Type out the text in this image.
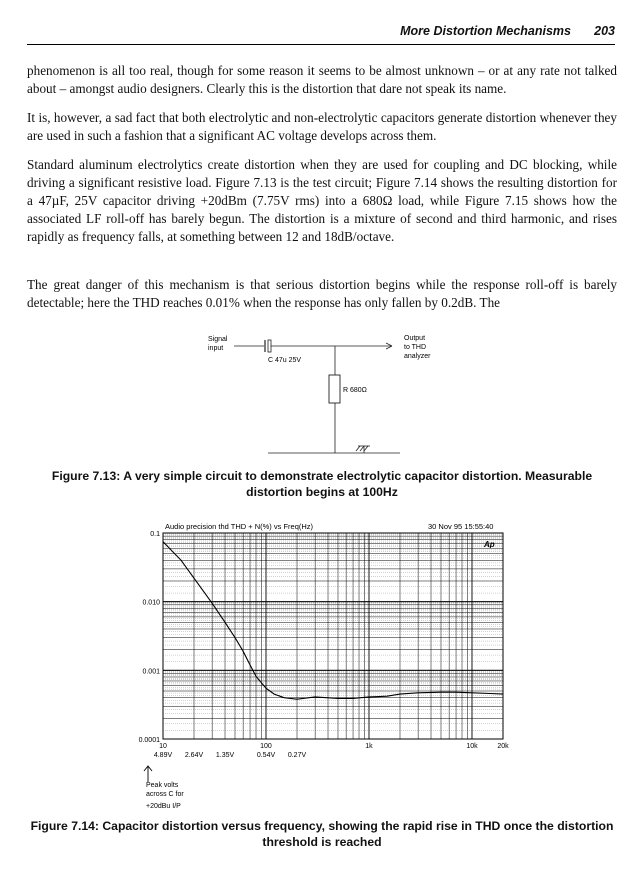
More Distortion Mechanisms 203

phenomenon is all too real, though for some reason it seems to be almost unknown – or at any rate not talked about – amongst audio designers. Clearly this is the distortion that dare not speak its name.

It is, however, a sad fact that both electrolytic and non-electrolytic capacitors generate distortion whenever they are used in such a fashion that a significant AC voltage develops across them.

Standard aluminum electrolytics create distortion when they are used for coupling and DC blocking, while driving a significant resistive load. Figure 7.13 is the test circuit; Figure 7.14 shows the resulting distortion for a 47µF, 25V capacitor driving +20dBm (7.75V rms) into a 680Ω load, while Figure 7.15 shows how the associated LF roll-off has barely begun. The distortion is a mixture of second and third harmonic, and rises rapidly as frequency falls, at something between 12 and 18dB/octave.

The great danger of this mechanism is that serious distortion begins while the response roll-off is barely detectable; here the THD reaches 0.01% when the response has only fallen by 0.2dB. The

Signal
input
C 47u 25V
Output
to THD
analyzer
R 680Ω

Figure 7.13: A very simple circuit to demonstrate electrolytic capacitor distortion. Measurable distortion begins at 100Hz

Audio precision thd THD + N(%) vs Freq(Hz)	30 Nov 95 15:55:40
Ap
0.1
0.010
0.001
0.0001
10	100	1k	10k	20k
4.89V 2.64V 1.35V	0.54V 0.27V
Peak volts
across C for
+20dBu I/P

Figure 7.14: Capacitor distortion versus frequency, showing the rapid rise in THD once the distortion threshold is reached
